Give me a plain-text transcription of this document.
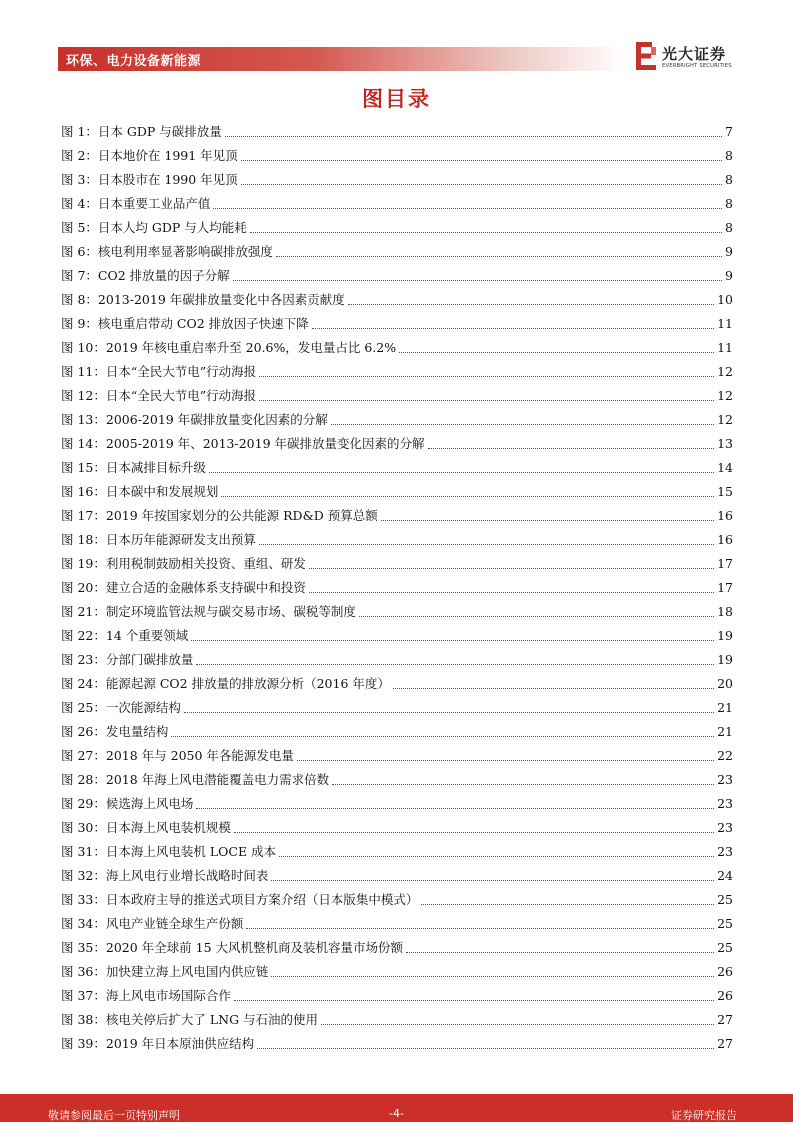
环保、电力设备新能源	光大证券
EVERBRIGHT SECURITIES
图目录
图 1：日本 GDP 与碳排放量	7
图 2：日本地价在 1991 年见顶	8
图 3：日本股市在 1990 年见顶	8
图 4：日本重要工业品产值	8
图 5：日本人均 GDP 与人均能耗	8
图 6：核电利用率显著影响碳排放强度	9
图 7：CO2 排放量的因子分解	9
图 8：2013-2019 年碳排放量变化中各因素贡献度	10
图 9：核电重启带动 CO2 排放因子快速下降	11
图 10：2019 年核电重启率升至 20.6%，发电量占比 6.2%	11
图 11：日本“全民大节电”行动海报	12
图 12：日本“全民大节电”行动海报	12
图 13：2006-2019 年碳排放量变化因素的分解	12
图 14：2005-2019 年、2013-2019 年碳排放量变化因素的分解	13
图 15：日本减排目标升级	14
图 16：日本碳中和发展规划	15
图 17：2019 年按国家划分的公共能源 RD&D 预算总额	16
图 18：日本历年能源研发支出预算	16
图 19：利用税制鼓励相关投资、重组、研发	17
图 20：建立合适的金融体系支持碳中和投资	17
图 21：制定环境监管法规与碳交易市场、碳税等制度	18
图 22：14 个重要领域	19
图 23：分部门碳排放量	19
图 24：能源起源 CO2 排放量的排放源分析（2016 年度）	20
图 25：一次能源结构	21
图 26：发电量结构	21
图 27：2018 年与 2050 年各能源发电量	22
图 28：2018 年海上风电潜能覆盖电力需求倍数	23
图 29：候选海上风电场	23
图 30：日本海上风电装机规模	23
图 31：日本海上风电装机 LOCE 成本	23
图 32：海上风电行业增长战略时间表	24
图 33：日本政府主导的推送式项目方案介绍（日本版集中模式）	25
图 34：风电产业链全球生产份额	25
图 35：2020 年全球前 15 大风机整机商及装机容量市场份额	25
图 36：加快建立海上风电国内供应链	26
图 37：海上风电市场国际合作	26
图 38：核电关停后扩大了 LNG 与石油的使用	27
图 39：2019 年日本原油供应结构	27
敬请参阅最后一页特别声明	-4-	证券研究报告
